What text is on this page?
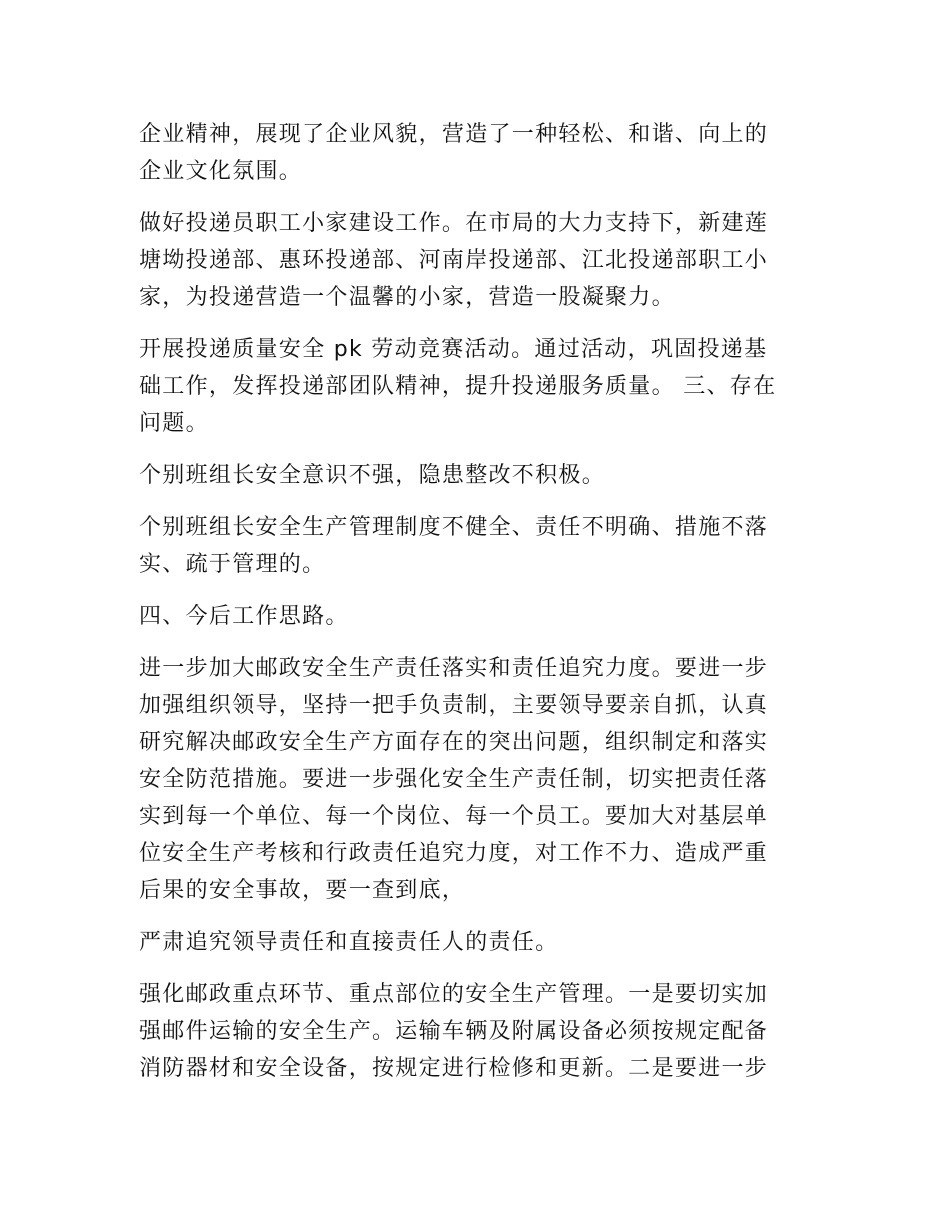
企业精神，展现了企业风貌，营造了一种轻松、和谐、向上的
企业文化氛围。

做好投递员职工小家建设工作。在市局的大力支持下，新建莲
塘坳投递部、惠环投递部、河南岸投递部、江北投递部职工小
家，为投递营造一个温馨的小家，营造一股凝聚力。

开展投递质量安全 pk 劳动竞赛活动。通过活动，巩固投递基
础工作，发挥投递部团队精神，提升投递服务质量。 三、存在
问题。

个别班组长安全意识不强，隐患整改不积极。

个别班组长安全生产管理制度不健全、责任不明确、措施不落
实、疏于管理的。

四、今后工作思路。

进一步加大邮政安全生产责任落实和责任追究力度。要进一步
加强组织领导，坚持一把手负责制，主要领导要亲自抓，认真
研究解决邮政安全生产方面存在的突出问题，组织制定和落实
安全防范措施。要进一步强化安全生产责任制，切实把责任落
实到每一个单位、每一个岗位、每一个员工。要加大对基层单
位安全生产考核和行政责任追究力度，对工作不力、造成严重
后果的安全事故，要一查到底，

严肃追究领导责任和直接责任人的责任。

强化邮政重点环节、重点部位的安全生产管理。一是要切实加
强邮件运输的安全生产。运输车辆及附属设备必须按规定配备
消防器材和安全设备，按规定进行检修和更新。二是要进一步
